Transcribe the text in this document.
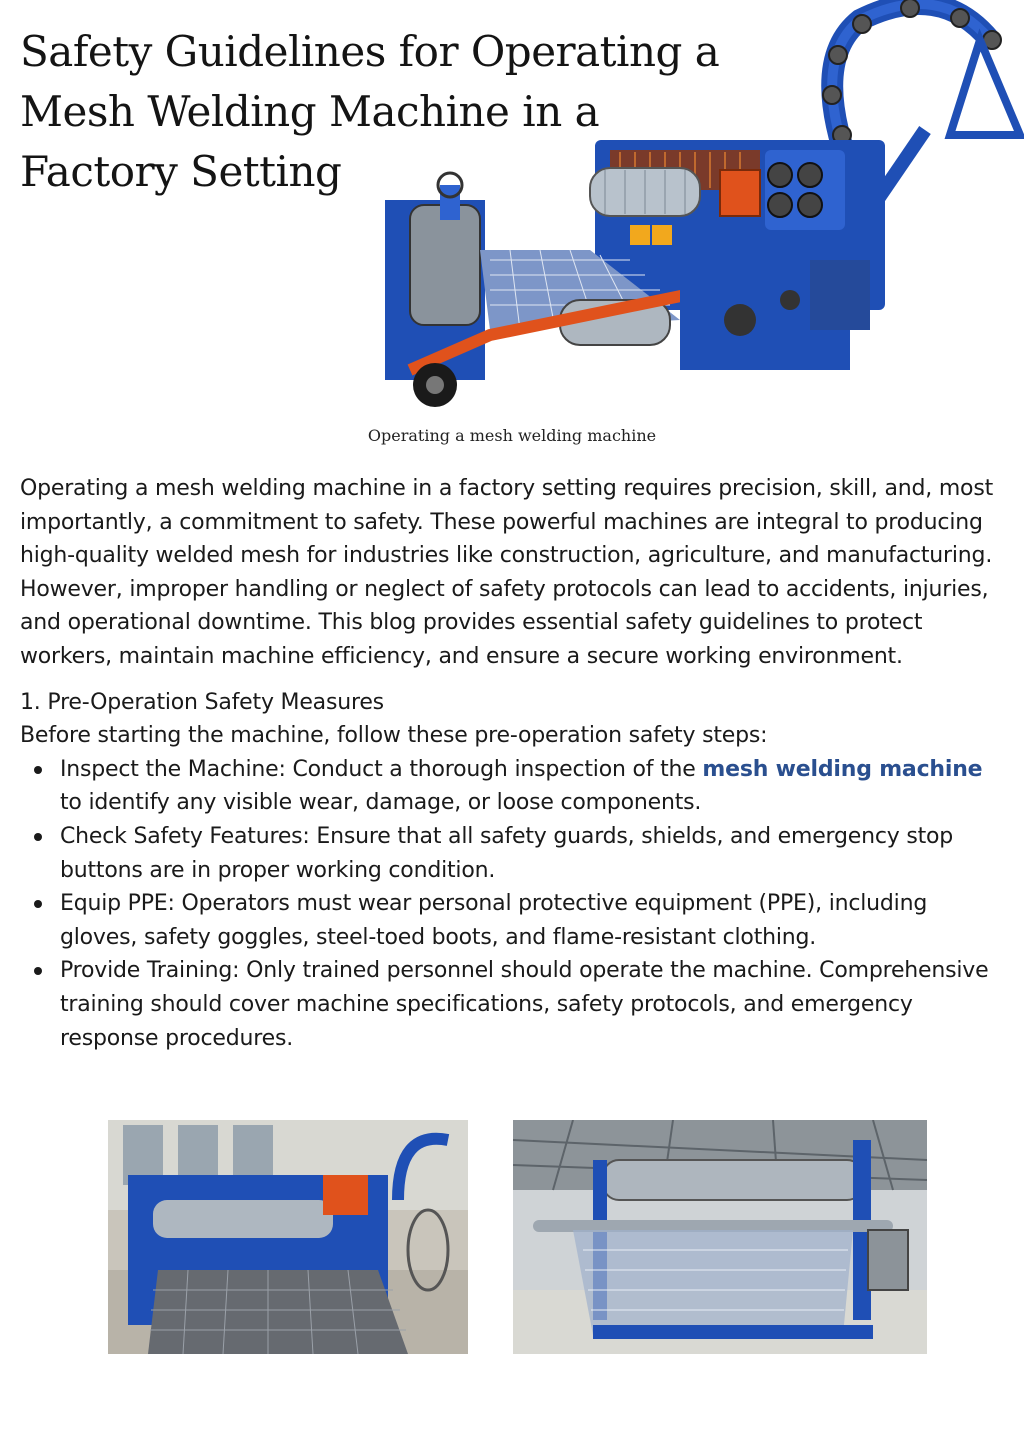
Safety Guidelines for Operating a
Mesh Welding Machine in a
Factory Setting
Operating a mesh welding machine

Operating a mesh welding machine in a factory setting requires precision, skill, and, most importantly, a commitment to safety. These powerful machines are integral to producing high-quality welded mesh for industries like construction, agriculture, and manufacturing. However, improper handling or neglect of safety protocols can lead to accidents, injuries, and operational downtime. This blog provides essential safety guidelines to protect workers, maintain machine efficiency, and ensure a secure working environment.

1. Pre-Operation Safety Measures

Before starting the machine, follow these pre-operation safety steps:

Inspect the Machine: Conduct a thorough inspection of the mesh welding machine to identify any visible wear, damage, or loose components.
Check Safety Features: Ensure that all safety guards, shields, and emergency stop buttons are in proper working condition.
Equip PPE: Operators must wear personal protective equipment (PPE), including gloves, safety goggles, steel-toed boots, and flame-resistant clothing.
Provide Training: Only trained personnel should operate the machine. Comprehensive training should cover machine specifications, safety protocols, and emergency response procedures.
